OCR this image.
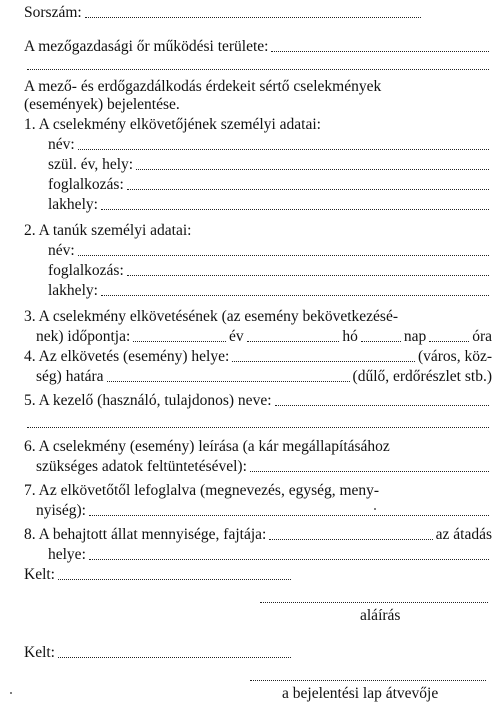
Sorszám:
A mezőgazdasági őr működési területe:
A mező- és erdőgazdálkodás érdekeit sértő cselekmények
(események) bejelentése.
1. A cselekmény elkövetőjének személyi adatai:
név:
szül. év, hely:
foglalkozás:
lakhely:
2. A tanúk személyi adatai:
név:
foglalkozás:
lakhely:
3. A cselekmény elkövetésének (az esemény bekövetkezésé-
nek) időpontja:	év	hó	nap	óra
4. Az elkövetés (esemény) helye:	(város, köz-
ség) határa	(dűlő, erdőrészlet stb.)
5. A kezelő (használó, tulajdonos) neve:
6. A cselekmény (esemény) leírása (a kár megállapításához
szükséges adatok feltüntetésével):
7. Az elkövetőtől lefoglalva (megnevezés, egység, meny-
nyiség):
8. A behajtott állat mennyisége, fajtája:	az átadás
helye:
Kelt:
aláírás
Kelt:
a bejelentési lap átvevője
